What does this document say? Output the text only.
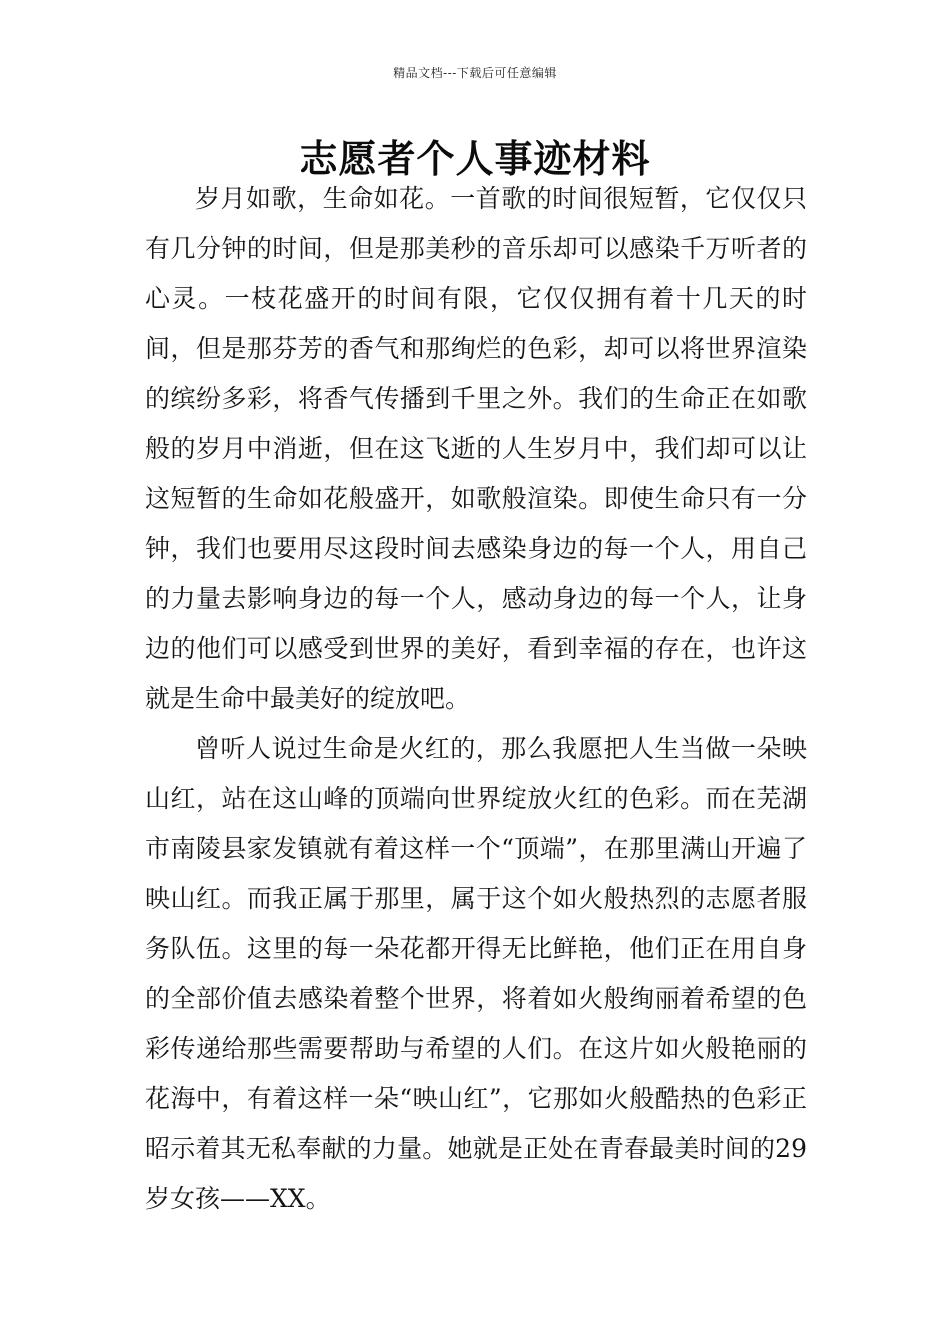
精品文档---下载后可任意编辑
志愿者个人事迹材料

岁月如歌，生命如花。一首歌的时间很短暂，它仅仅只有几分钟的时间，但是那美秒的音乐却可以感染千万听者的心灵。一枝花盛开的时间有限，它仅仅拥有着十几天的时间，但是那芬芳的香气和那绚烂的色彩，却可以将世界渲染的缤纷多彩，将香气传播到千里之外。我们的生命正在如歌般的岁月中消逝，但在这飞逝的人生岁月中，我们却可以让这短暂的生命如花般盛开，如歌般渲染。即使生命只有一分钟，我们也要用尽这段时间去感染身边的每一个人，用自己的力量去影响身边的每一个人，感动身边的每一个人，让身边的他们可以感受到世界的美好，看到幸福的存在，也许这就是生命中最美好的绽放吧。

曾听人说过生命是火红的，那么我愿把人生当做一朵映山红，站在这山峰的顶端向世界绽放火红的色彩。而在芜湖市南陵县家发镇就有着这样一个“顶端”，在那里满山开遍了映山红。而我正属于那里，属于这个如火般热烈的志愿者服务队伍。这里的每一朵花都开得无比鲜艳，他们正在用自身的全部价值去感染着整个世界，将着如火般绚丽着希望的色彩传递给那些需要帮助与希望的人们。在这片如火般艳丽的花海中，有着这样一朵“映山红”，它那如火般酷热的色彩正昭示着其无私奉献的力量。她就是正处在青春最美时间的29岁女孩——XX。
